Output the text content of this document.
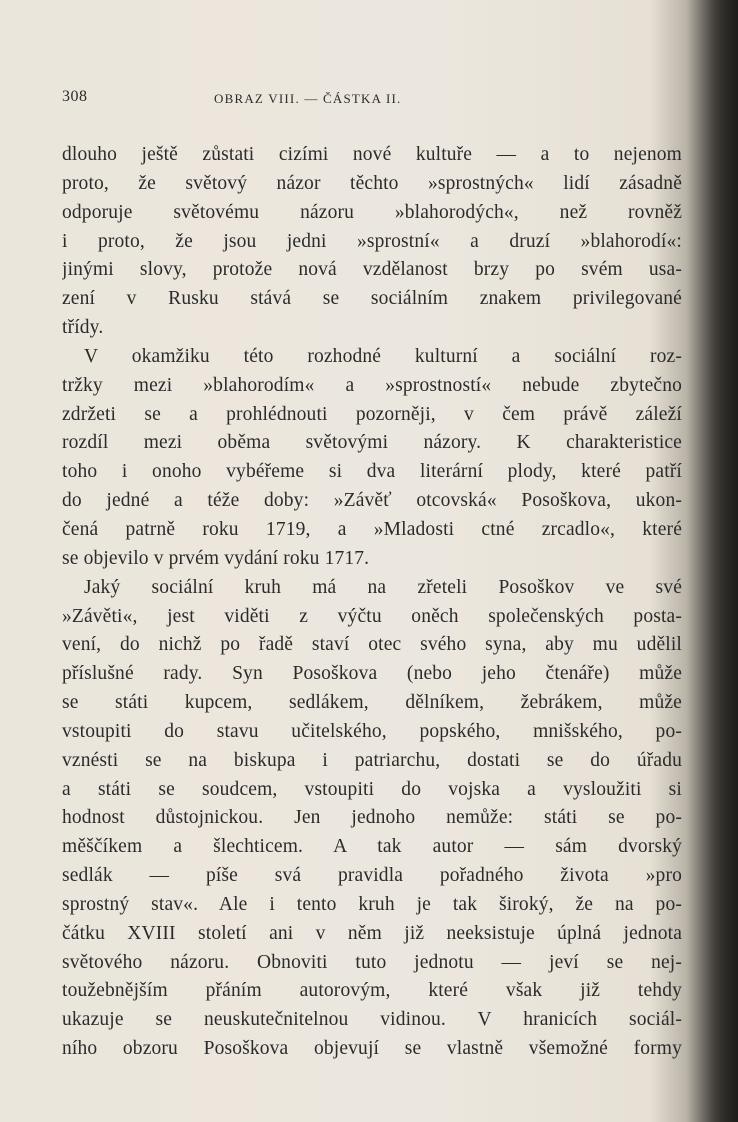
308	OBRAZ VIII. — ČÁSTKA II.
dlouho ještě zůstati cizími nové kultuře — a to nejenom
proto, že světový názor těchto »sprostných« lidí zásadně
odporuje světovému názoru »blahorodých«, než rovněž
i proto, že jsou jedni »sprostní« a druzí »blahorodí«:
jinými slovy, protože nová vzdělanost brzy po svém usa-
zení v Rusku stává se sociálním znakem privilegované
třídy.
V okamžiku této rozhodné kulturní a sociální roz-
tržky mezi »blahorodím« a »sprostností« nebude zbytečno
zdržeti se a prohlédnouti pozorněji, v čem právě záleží
rozdíl mezi oběma světovými názory. K charakteristice
toho i onoho vybéřeme si dva literární plody, které patří
do jedné a téže doby: »Závěť otcovská« Posoškova, ukon-
čená patrně roku 1719, a »Mladosti ctné zrcadlo«, které
se objevilo v prvém vydání roku 1717.
Jaký sociální kruh má na zřeteli Posoškov ve své
»Závěti«, jest viděti z výčtu oněch společenských posta-
vení, do nichž po řadě staví otec svého syna, aby mu udělil
příslušné rady. Syn Posoškova (nebo jeho čtenáře) může
se státi kupcem, sedlákem, dělníkem, žebrákem, může
vstoupiti do stavu učitelského, popského, mnišského, po-
vznésti se na biskupa i patriarchu, dostati se do úřadu
a státi se soudcem, vstoupiti do vojska a vysloužiti si
hodnost důstojnickou. Jen jednoho nemůže: státi se po-
měščíkem a šlechticem. A tak autor — sám dvorský
sedlák — píše svá pravidla pořadného života »pro
sprostný stav«. Ale i tento kruh je tak široký, že na po-
čátku XVIII století ani v něm již neeksistuje úplná jednota
světového názoru. Obnoviti tuto jednotu — jeví se nej-
toužebnějším přáním autorovým, které však již tehdy
ukazuje se neuskutečnitelnou vidinou. V hranicích sociál-
ního obzoru Posoškova objevují se vlastně všemožné formy
